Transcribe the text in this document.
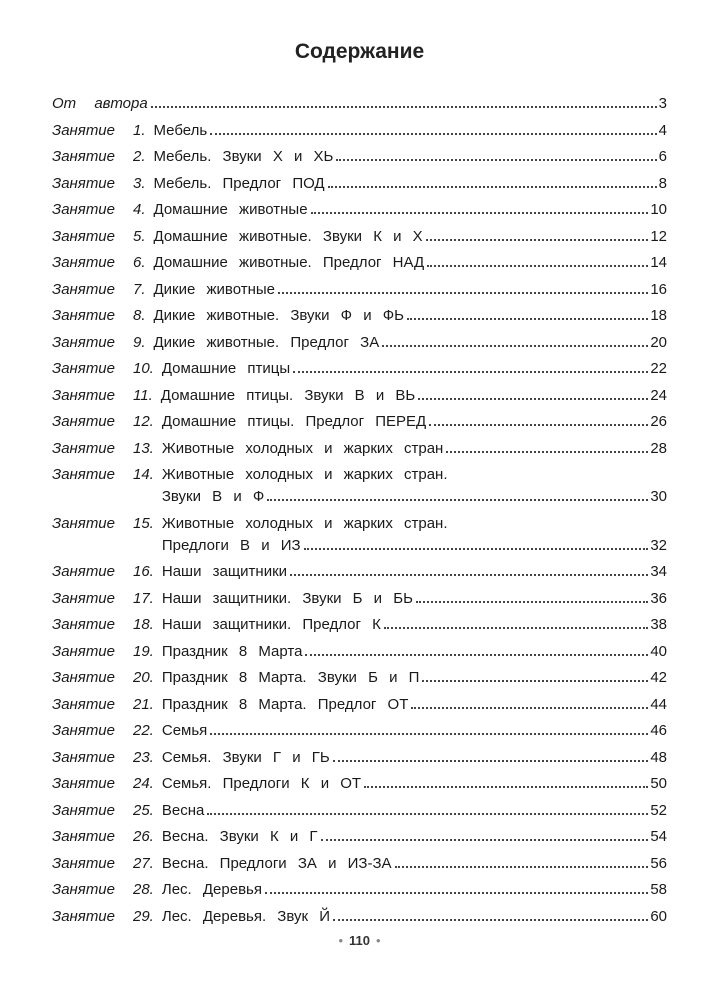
Содержание
От автора	3
Занятие	1. Мебель	4
Занятие	2. Мебель. Звуки Х и ХЬ	6
Занятие	3. Мебель. Предлог ПОД	8
Занятие	4. Домашние животные	10
Занятие	5. Домашние животные. Звуки К и Х	12
Занятие	6. Домашние животные. Предлог НАД	14
Занятие	7. Дикие животные	16
Занятие	8. Дикие животные. Звуки Ф и ФЬ	18
Занятие	9. Дикие животные. Предлог ЗА	20
Занятие	10. Домашние птицы	22
Занятие	11. Домашние птицы. Звуки В и ВЬ	24
Занятие	12. Домашние птицы. Предлог ПЕРЕД	26
Занятие	13. Животные холодных и жарких стран	28
Занятие	14. Животные холодных и жарких стран.
Звуки В и Ф	30
Занятие	15. Животные холодных и жарких стран.
Предлоги В и ИЗ	32
Занятие	16. Наши защитники	34
Занятие	17. Наши защитники. Звуки Б и БЬ	36
Занятие	18. Наши защитники. Предлог К	38
Занятие	19. Праздник 8 Марта	40
Занятие	20. Праздник 8 Марта. Звуки Б и П	42
Занятие	21. Праздник 8 Марта. Предлог ОТ	44
Занятие	22. Семья	46
Занятие	23. Семья. Звуки Г и ГЬ	48
Занятие	24. Семья. Предлоги К и ОТ	50
Занятие	25. Весна	52
Занятие	26. Весна. Звуки К и Г	54
Занятие	27. Весна. Предлоги ЗА и ИЗ-ЗА	56
Занятие	28. Лес. Деревья	58
Занятие	29. Лес. Деревья. Звук Й	60
• 110 •
